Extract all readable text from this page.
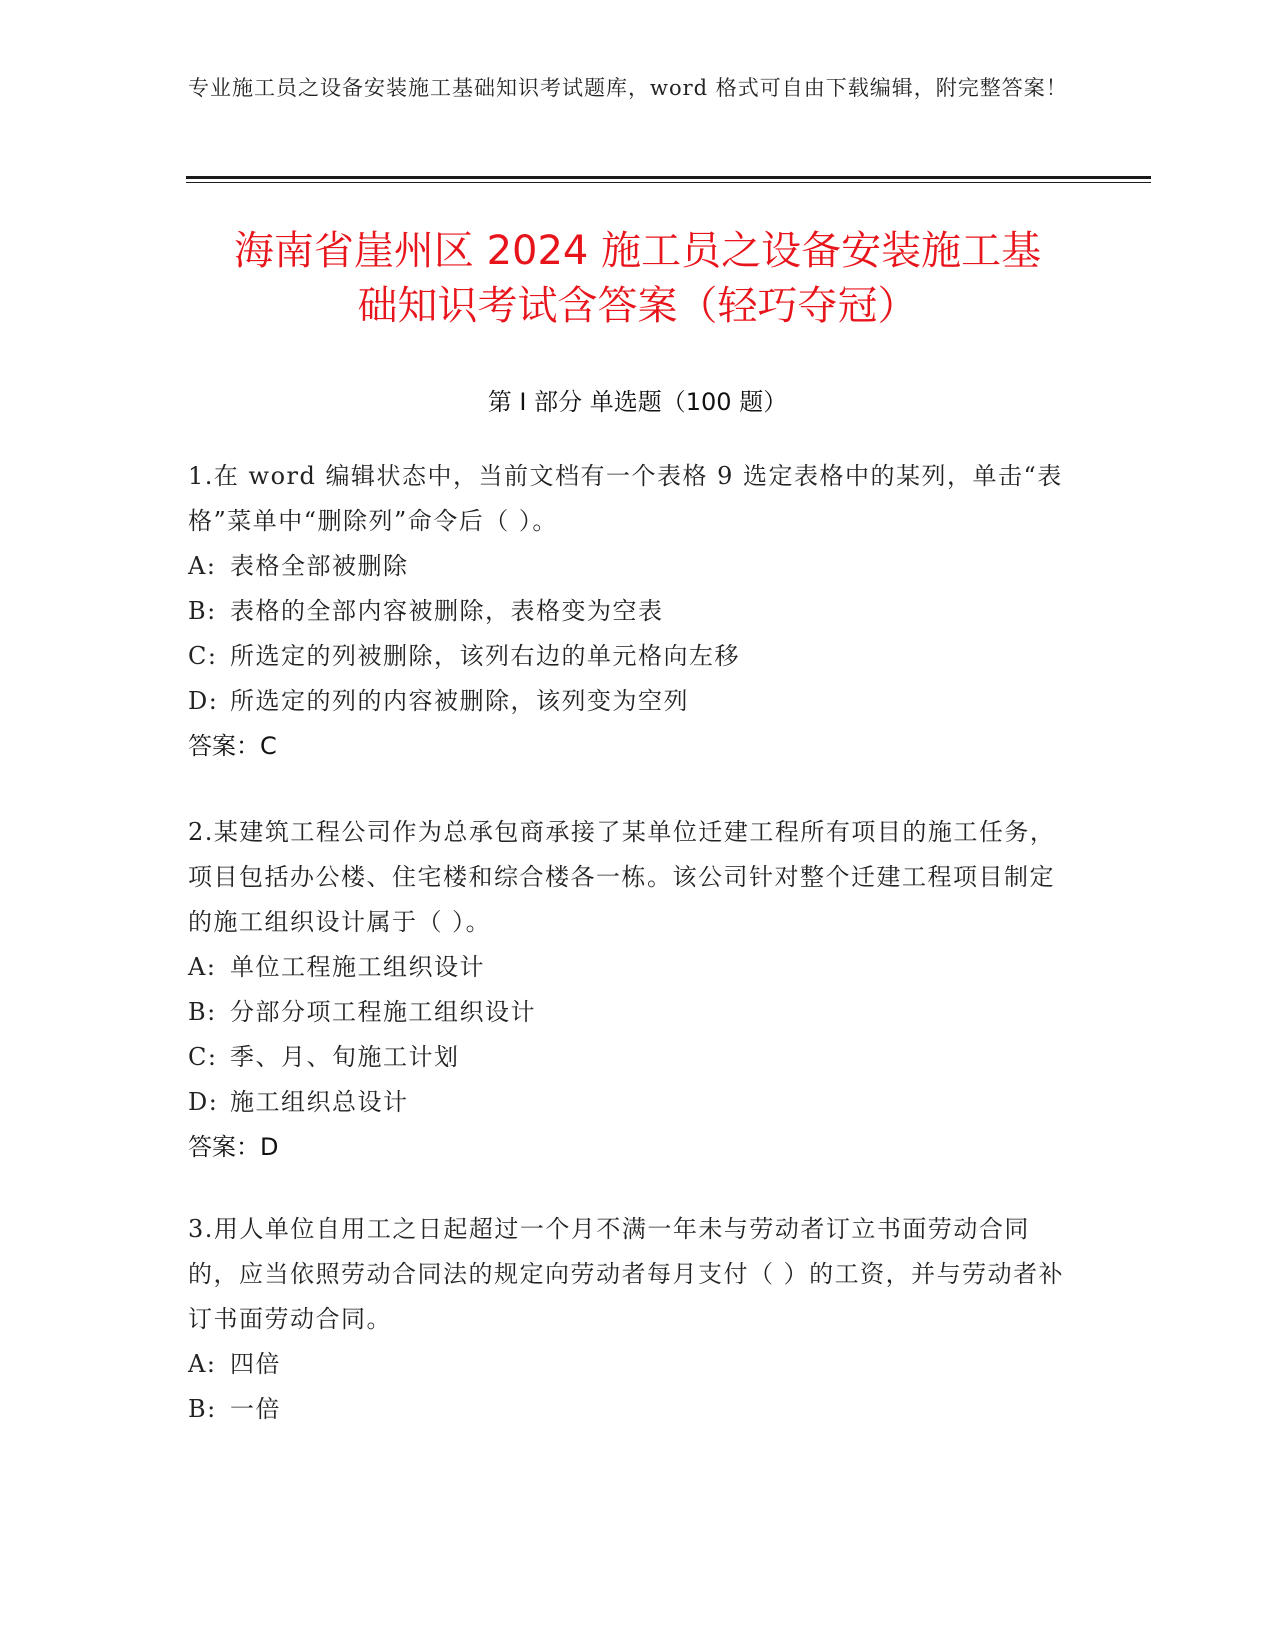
专业施工员之设备安装施工基础知识考试题库，word 格式可自由下载编辑，附完整答案！
海南省崖州区 2024 施工员之设备安装施工基
础知识考试含答案（轻巧夺冠）
第 I 部分 单选题（100 题）
1.在 word 编辑状态中，当前文档有一个表格 9 选定表格中的某列，单击“表格”菜单中“删除列”命令后（ ）。
A: 表格全部被删除
B: 表格的全部内容被删除，表格变为空表
C: 所选定的列被删除，该列右边的单元格向左移
D: 所选定的列的内容被删除，该列变为空列
答案：C
2.某建筑工程公司作为总承包商承接了某单位迁建工程所有项目的施工任务，项目包括办公楼、住宅楼和综合楼各一栋。该公司针对整个迁建工程项目制定的施工组织设计属于（ ）。
A: 单位工程施工组织设计
B: 分部分项工程施工组织设计
C: 季、月、旬施工计划
D: 施工组织总设计
答案：D
3.用人单位自用工之日起超过一个月不满一年未与劳动者订立书面劳动合同的，应当依照劳动合同法的规定向劳动者每月支付（ ）的工资，并与劳动者补订书面劳动合同。
A: 四倍
B: 一倍
